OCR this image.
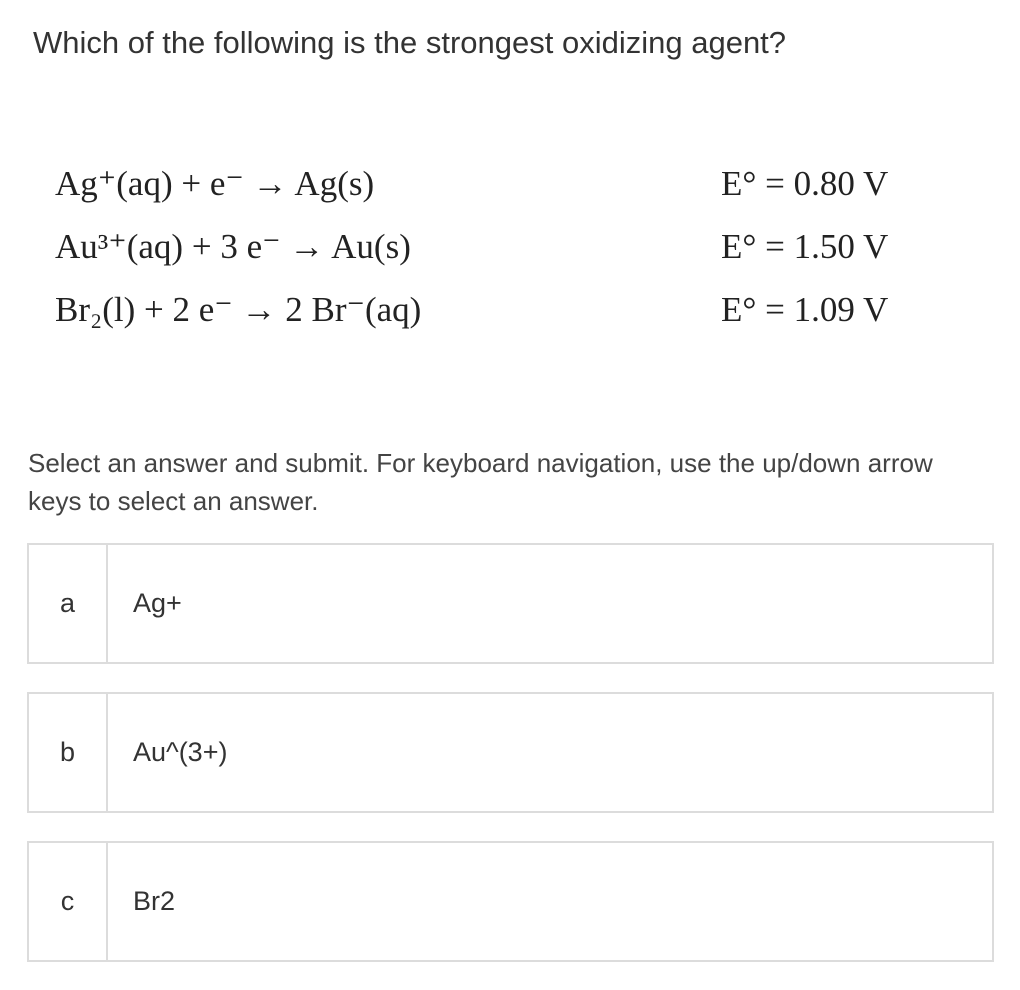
Which of the following is the strongest oxidizing agent?
Ag⁺(aq) + e⁻ → Ag(s)	E° = 0.80 V
Au³⁺(aq) + 3 e⁻ → Au(s)	E° = 1.50 V
Br₂(l) + 2 e⁻ → 2 Br⁻(aq)	E° = 1.09 V

Select an answer and submit. For keyboard navigation, use the up/down arrow keys to select an answer.

a	Ag+
b	Au^(3+)
c	Br2
